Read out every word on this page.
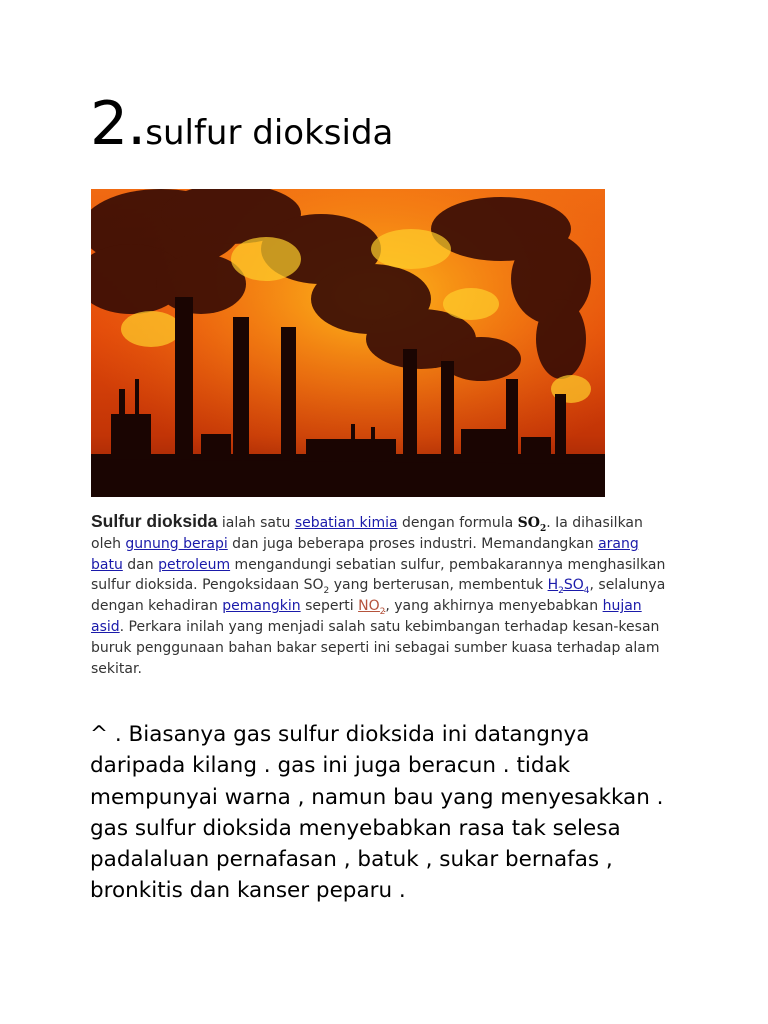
2.sulfur dioksida
Sulfur dioksida ialah satu sebatian kimia dengan formula $SO_2$. Ia dihasilkan oleh gunung berapi dan juga beberapa proses industri. Memandangkan arang batu dan petroleum mengandungi sebatian sulfur, pembakarannya menghasilkan sulfur dioksida. Pengoksidaan $SO_2$ yang berterusan, membentuk $H_2SO_4$, selalunya dengan kehadiran pemangkin seperti $NO_2$, yang akhirnya menyebabkan hujan asid. Perkara inilah yang menjadi salah satu kebimbangan terhadap kesan-kesan buruk penggunaan bahan bakar seperti ini sebagai sumber kuasa terhadap alam sekitar.
^ . Biasanya gas sulfur dioksida ini datangnya daripada kilang . gas ini juga beracun . tidak mempunyai warna , namun bau yang menyesakkan . gas sulfur dioksida menyebabkan rasa tak selesa padalaluan pernafasan , batuk , sukar bernafas , bronkitis dan kanser peparu .
